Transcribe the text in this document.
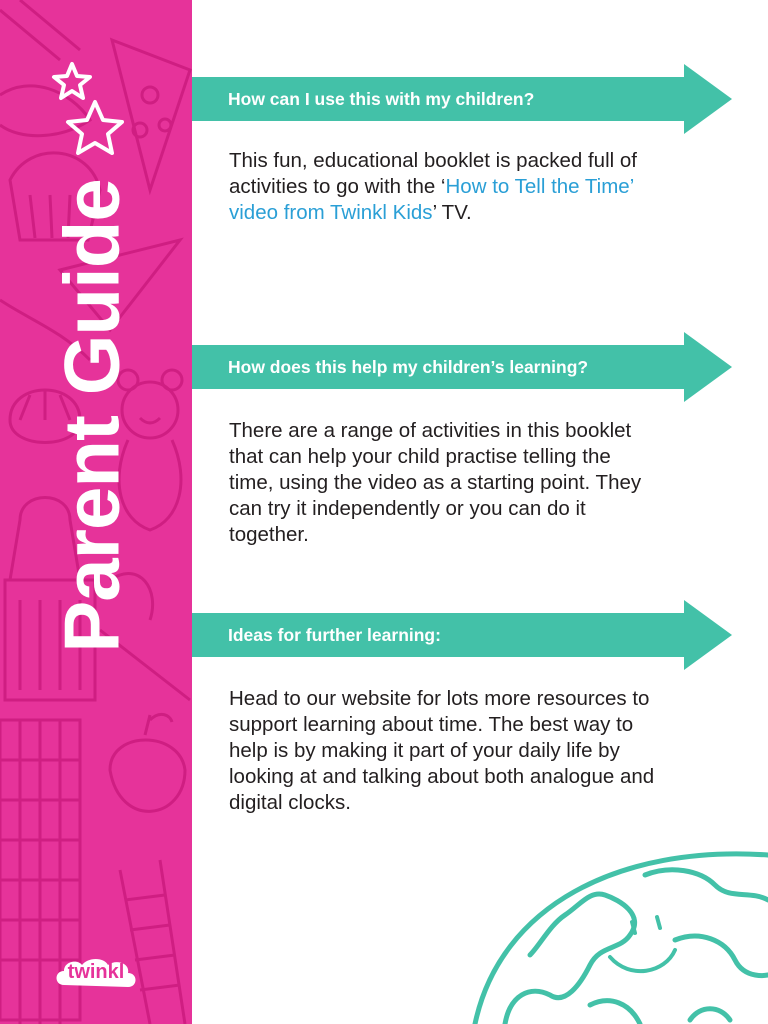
Parent Guide
twinkl
How can I use this with my children?
This fun, educational booklet is packed full of activities to go with the ‘How to Tell the Time’ video from Twinkl Kids’ TV.
How does this help my children’s learning?
There are a range of activities in this booklet that can help your child practise telling the time, using the video as a starting point. They can try it independently or you can do it together.
Ideas for further learning:
Head to our website for lots more resources to support learning about time. The best way to help is by making it part of your daily life by looking at and talking about both analogue and digital clocks.
